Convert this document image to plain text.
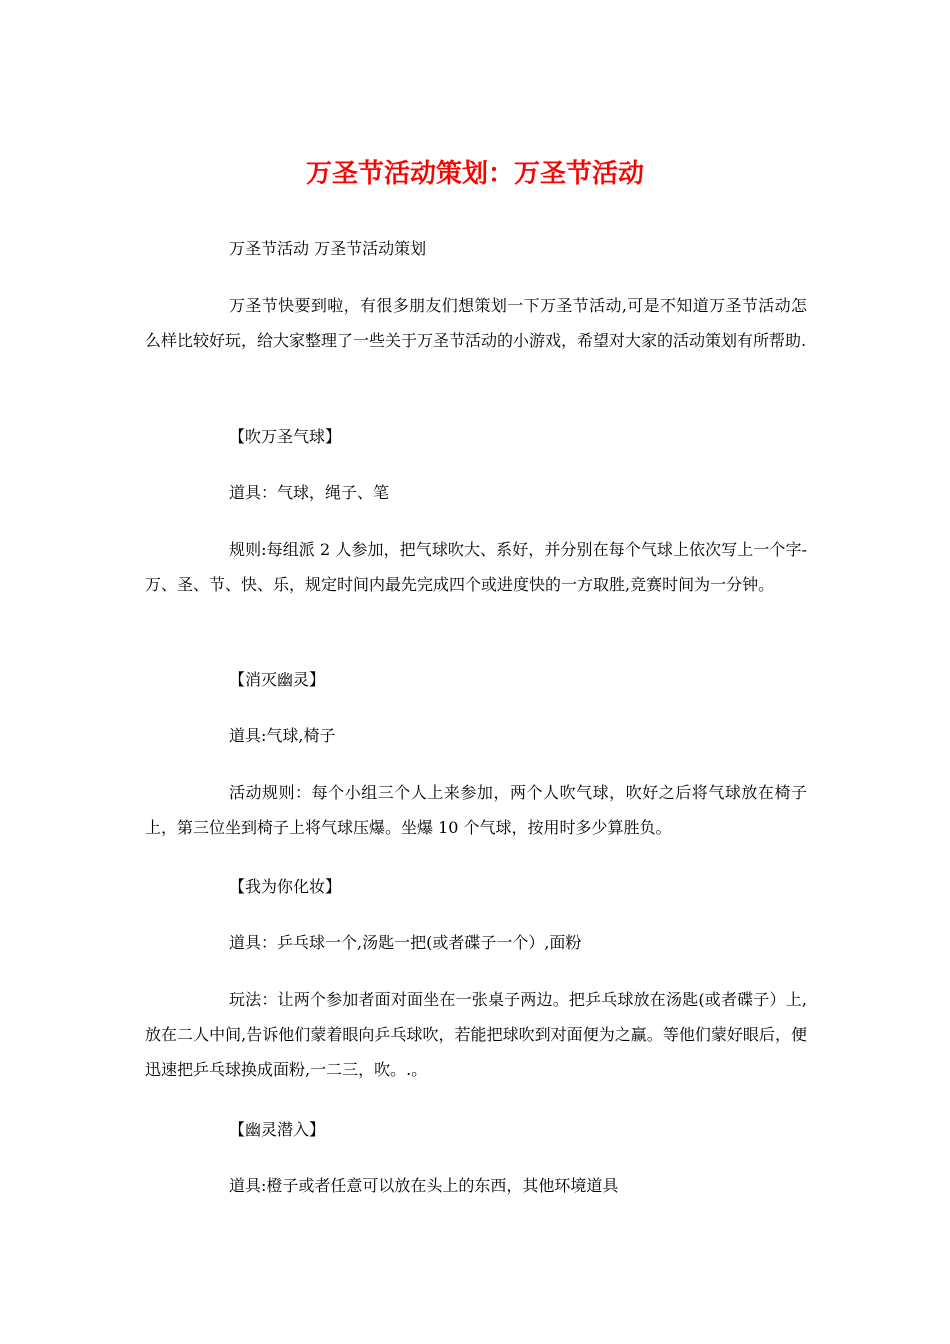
万圣节活动策划：万圣节活动

万圣节活动 万圣节活动策划

万圣节快要到啦，有很多朋友们想策划一下万圣节活动,可是不知道万圣节活动怎么样比较好玩，给大家整理了一些关于万圣节活动的小游戏，希望对大家的活动策划有所帮助.

【吹万圣气球】

道具：气球，绳子、笔

规则:每组派 2 人参加，把气球吹大、系好，并分别在每个气球上依次写上一个字-万、圣、节、快、乐，规定时间内最先完成四个或进度快的一方取胜,竞赛时间为一分钟。

【消灭幽灵】

道具:气球,椅子

活动规则：每个小组三个人上来参加，两个人吹气球，吹好之后将气球放在椅子上，第三位坐到椅子上将气球压爆。坐爆 10 个气球，按用时多少算胜负。

【我为你化妆】

道具：乒乓球一个,汤匙一把(或者碟子一个）,面粉

玩法：让两个参加者面对面坐在一张桌子两边。把乒乓球放在汤匙(或者碟子）上,放在二人中间,告诉他们蒙着眼向乒乓球吹，若能把球吹到对面便为之赢。等他们蒙好眼后，便迅速把乒乓球换成面粉,一二三，吹。.。

【幽灵潜入】

道具:橙子或者任意可以放在头上的东西，其他环境道具
